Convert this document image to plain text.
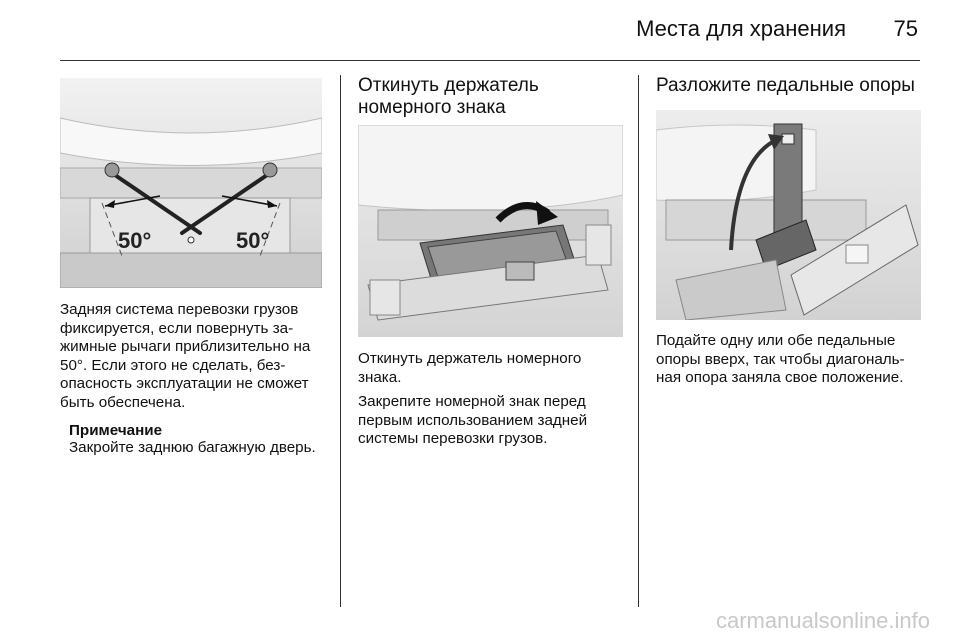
Места для хранения 75
50°	50°

Задняя система перевозки грузов фиксируется, если повернуть за-жимные рычаги приблизительно на 50°. Если этого не сделать, без-опасность эксплуатации не сможет быть обеспечена.

Примечание

Закройте заднюю багажную дверь.

Откинуть держатель номерного знака

Откинуть держатель номерного знака.

Закрепите номерной знак перед первым использованием задней системы перевозки грузов.

Разложите педальные опоры

Подайте одну или обе педальные опоры вверх, так чтобы диагональ-ная опора заняла свое положение.

carmanualsonline.info
